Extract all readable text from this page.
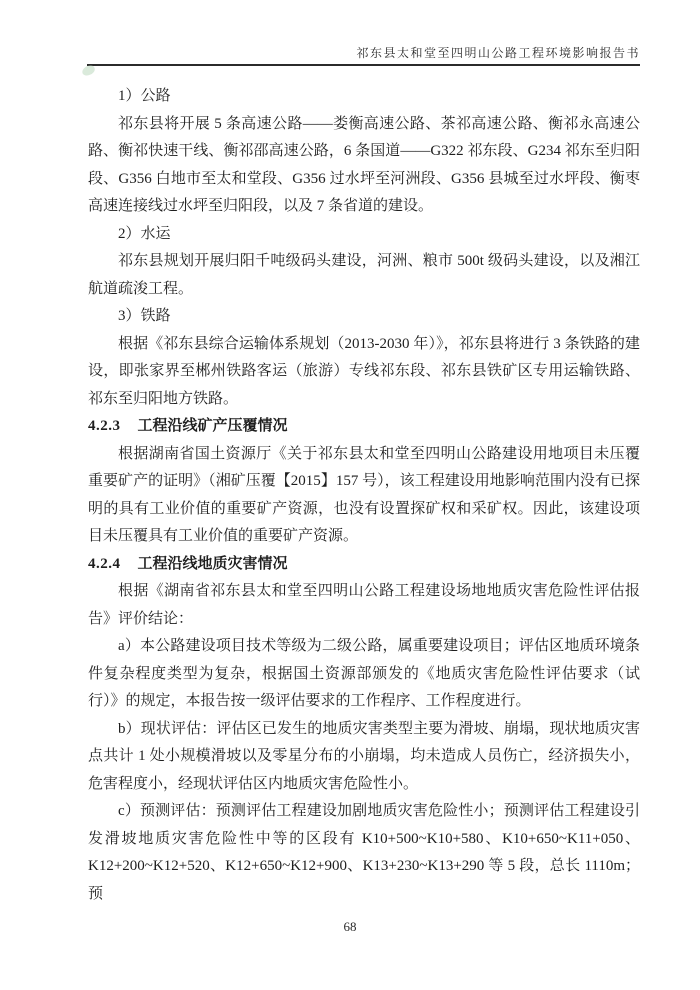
祁东县太和堂至四明山公路工程环境影响报告书

1）公路

祁东县将开展 5 条高速公路——娄衡高速公路、茶祁高速公路、衡祁永高速公路、衡祁快速干线、衡祁邵高速公路，6 条国道——G322 祁东段、G234 祁东至归阳段、G356 白地市至太和堂段、G356 过水坪至河洲段、G356 县城至过水坪段、衡枣高速连接线过水坪至归阳段，以及 7 条省道的建设。

2）水运

祁东县规划开展归阳千吨级码头建设，河洲、粮市 500t 级码头建设，以及湘江航道疏浚工程。

3）铁路

根据《祁东县综合运输体系规划（2013-2030 年）》，祁东县将进行 3 条铁路的建设，即张家界至郴州铁路客运（旅游）专线祁东段、祁东县铁矿区专用运输铁路、祁东至归阳地方铁路。

4.2.3 工程沿线矿产压覆情况

根据湖南省国土资源厅《关于祁东县太和堂至四明山公路建设用地项目未压覆重要矿产的证明》（湘矿压覆【2015】157 号），该工程建设用地影响范围内没有已探明的具有工业价值的重要矿产资源，也没有设置探矿权和采矿权。因此，该建设项目未压覆具有工业价值的重要矿产资源。

4.2.4 工程沿线地质灾害情况

根据《湖南省祁东县太和堂至四明山公路工程建设场地地质灾害危险性评估报告》评价结论：

a）本公路建设项目技术等级为二级公路，属重要建设项目；评估区地质环境条件复杂程度类型为复杂，根据国土资源部颁发的《地质灾害危险性评估要求（试行）》的规定，本报告按一级评估要求的工作程序、工作程度进行。

b）现状评估：评估区已发生的地质灾害类型主要为滑坡、崩塌，现状地质灾害点共计 1 处小规模滑坡以及零星分布的小崩塌，均未造成人员伤亡，经济损失小，危害程度小，经现状评估区内地质灾害危险性小。

c）预测评估：预测评估工程建设加剧地质灾害危险性小；预测评估工程建设引发滑坡地质灾害危险性中等的区段有 K10+500~K10+580、K10+650~K11+050、K12+200~K12+520、K12+650~K12+900、K13+230~K13+290 等 5 段，总长 1110m；预

68
